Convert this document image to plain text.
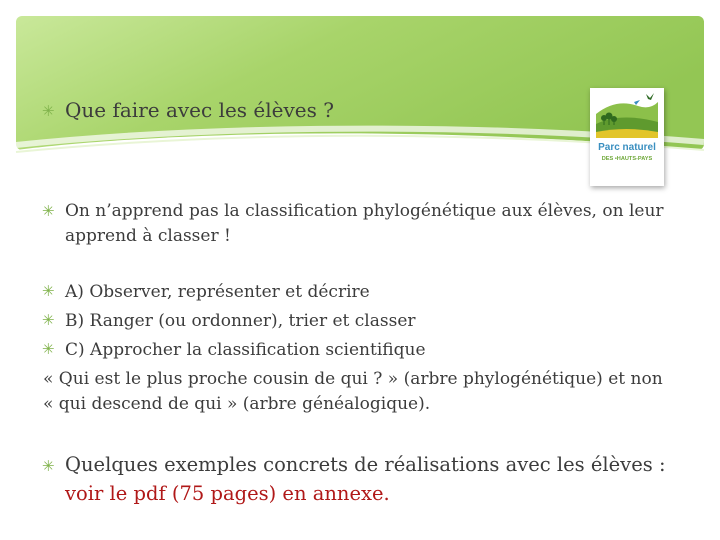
✳ Que faire avec les élèves ?

Parc naturel
DES •HAUTS-PAYS
✳ On n’apprend pas la classification phylogénétique aux élèves, on leur

apprend à classer !

✳ A) Observer, représenter et décrire

✳ B) Ranger (ou ordonner), trier et classer

✳ C) Approcher la classification scientifique

« Qui est le plus proche cousin de qui ? » (arbre phylogénétique) et non

« qui descend de qui » (arbre généalogique).

✳ Quelques exemples concrets de réalisations avec les élèves :

voir le pdf (75 pages) en annexe.
